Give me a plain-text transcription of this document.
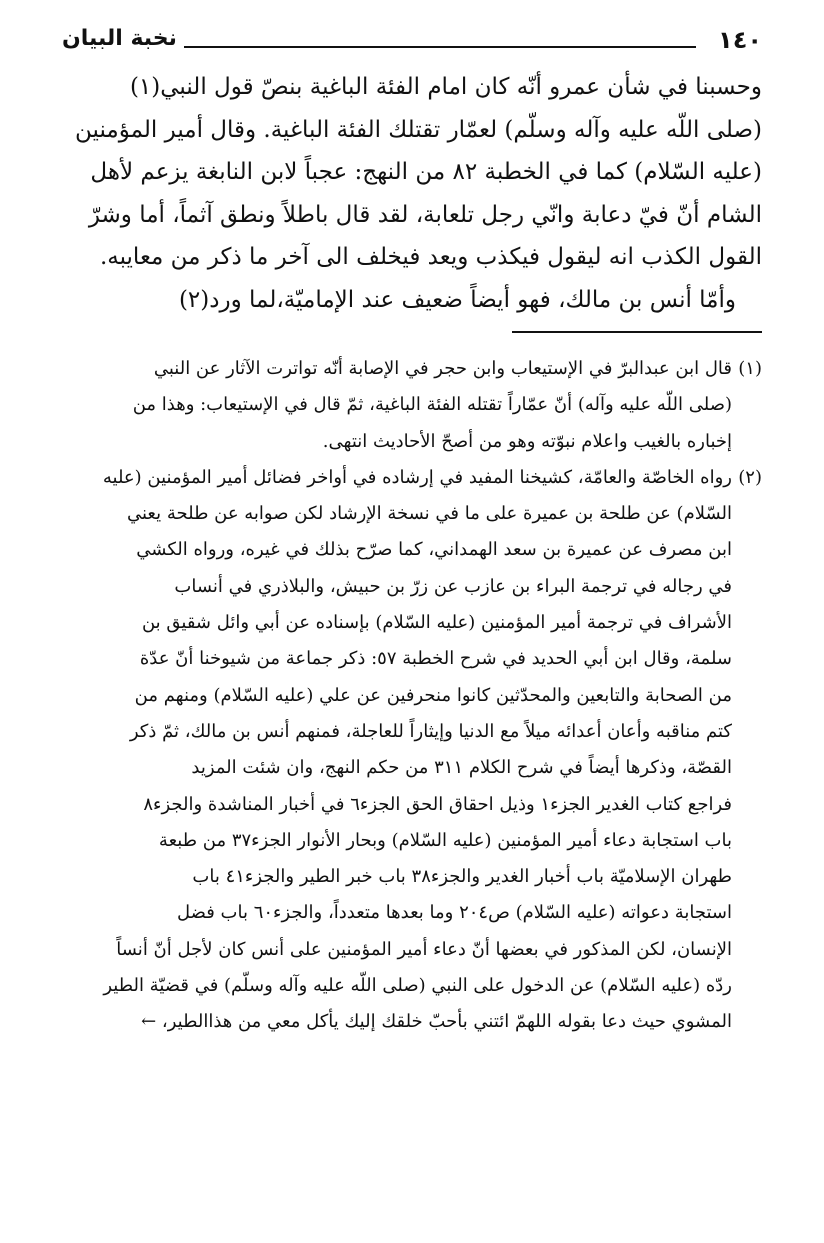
١٤٠
نخبة البيان
وحسبنا في شأن عمرو أنّه كان امام الفئة الباغية بنصّ قول النبي(١)
(صلى اللّه عليه وآله وسلّم) لعمّار تقتلك الفئة الباغية. وقال أمير المؤمنين
(عليه السّلام) كما في الخطبة ٨٢ من النهج: عجباً لابن النابغة يزعم لأهل
الشام أنّ فيّ دعابة وانّي رجل تلعابة، لقد قال باطلاً ونطق آثماً، أما وشرّ
القول الكذب انه ليقول فيكذب ويعد فيخلف الى آخر ما ذكر من معايبه.
وأمّا أنس بن مالك، فهو أيضاً ضعيف عند الإماميّة،لما ورد(٢)
(١)قال ابن عبدالبرّ في الإستيعاب وابن حجر في الإصابة أنّه تواترت الآثار عن النبي
(صلى اللّه عليه وآله) أنّ عمّاراً تقتله الفئة الباغية، ثمّ قال في الإستيعاب: وهذا من
إخباره بالغيب واعلام نبوّته وهو من أصحّ الأحاديث انتهى.
(٢)رواه الخاصّة والعامّة، كشيخنا المفيد في إرشاده في أواخر فضائل أمير المؤمنين (عليه
السّلام) عن طلحة بن عميرة على ما في نسخة الإرشاد لكن صوابه عن طلحة يعني
ابن مصرف عن عميرة بن سعد الهمداني، كما صرّح بذلك في غيره، ورواه الكشي
في رجاله في ترجمة البراء بن عازب عن زرّ بن حبيش، والبلاذري في أنساب
الأشراف في ترجمة أمير المؤمنين (عليه السّلام) بإسناده عن أبي وائل شقيق بن
سلمة، وقال ابن أبي الحديد في شرح الخطبة ٥٧: ذكر جماعة من شيوخنا أنّ عدّة
من الصحابة والتابعين والمحدّثين كانوا منحرفين عن علي (عليه السّلام) ومنهم من
كتم مناقبه وأعان أعدائه ميلاً مع الدنيا وإيثاراً للعاجلة، فمنهم أنس بن مالك، ثمّ ذكر
القصّة، وذكرها أيضاً في شرح الكلام ٣١١ من حكم النهج، وان شئت المزيد
فراجع كتاب الغدير الجزء١ وذيل احقاق الحق الجزء٦ في أخبار المناشدة والجزء٨
باب استجابة دعاء أمير المؤمنين (عليه السّلام) وبحار الأنوار الجزء٣٧ من طبعة
طهران الإسلاميّة باب أخبار الغدير والجزء٣٨ باب خبر الطير والجزء٤١ باب
استجابة دعواته (عليه السّلام) ص٢٠٤ وما بعدها متعدداً، والجزء٦٠ باب فضل
الإنسان، لكن المذكور في بعضها أنّ دعاء أمير المؤمنين على أنس كان لأجل أنّ أنساً
ردّه (عليه السّلام) عن الدخول على النبي (صلى اللّه عليه وآله وسلّم) في قضيّة الطير
المشوي حيث دعا بقوله اللهمّ ائتني بأحبّ خلقك إليك يأكل معي من هذاالطير، ←
